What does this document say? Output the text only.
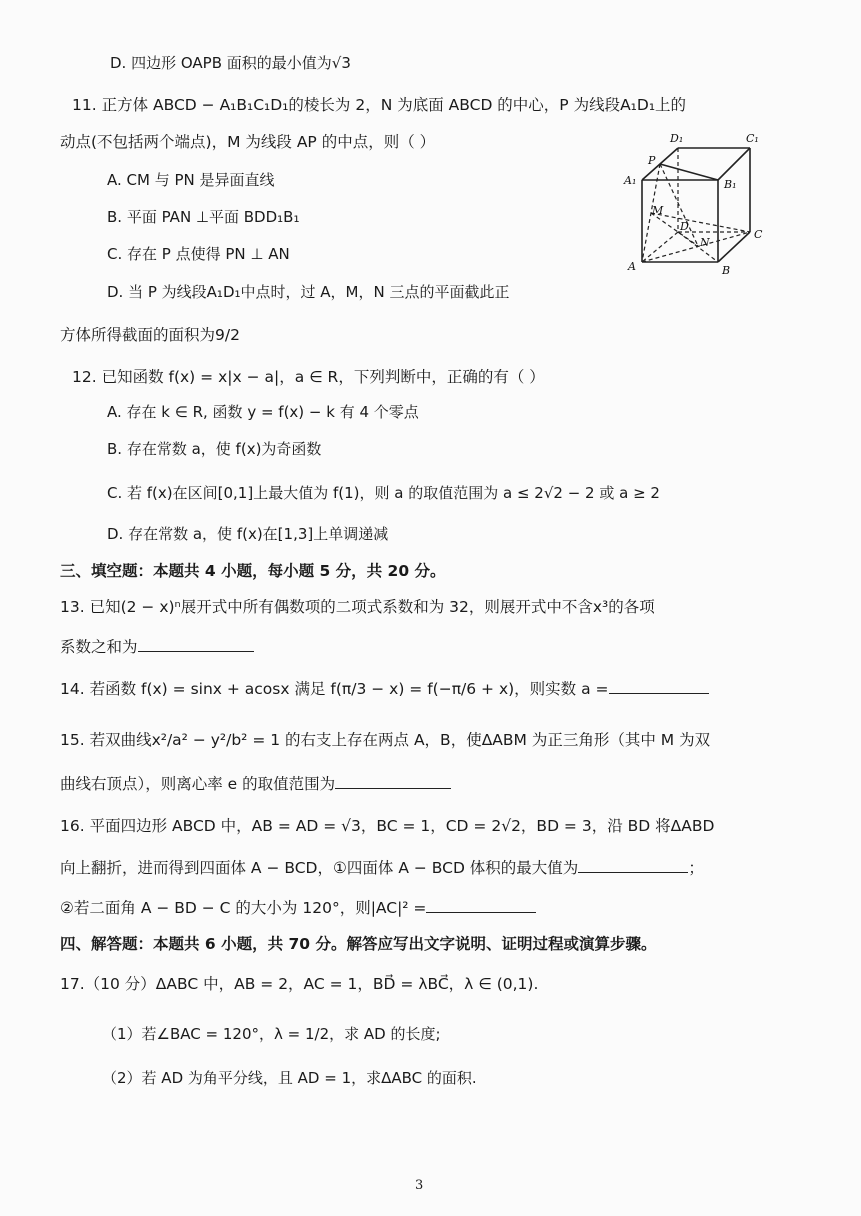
D. 四边形 OAPB 面积的最小值为√3
11. 正方体 ABCD − A₁B₁C₁D₁的棱长为 2，N 为底面 ABCD 的中心，P 为线段A₁D₁上的
动点(不包括两个端点)，M 为线段 AP 的中点，则（ ）
A. CM 与 PN 是异面直线
B. 平面 PAN ⊥平面 BDD₁B₁
C. 存在 P 点使得 PN ⊥ AN
D. 当 P 为线段A₁D₁中点时，过 A，M，N 三点的平面截此正
方体所得截面的面积为9/2
12. 已知函数 f(x) = x|x − a|，a ∈ R，下列判断中，正确的有（ ）
A. 存在 k ∈ R, 函数 y = f(x) − k 有 4 个零点
B. 存在常数 a，使 f(x)为奇函数
C. 若 f(x)在区间[0,1]上最大值为 f(1)，则 a 的取值范围为 a ≤ 2√2 − 2 或 a ≥ 2
D. 存在常数 a，使 f(x)在[1,3]上单调递减
三、填空题：本题共 4 小题，每小题 5 分，共 20 分。
13. 已知(2 − x)ⁿ展开式中所有偶数项的二项式系数和为 32，则展开式中不含x³的各项
系数之和为
14. 若函数 f(x) = sinx + acosx 满足 f(π/3 − x) = f(−π/6 + x)，则实数 a =
15. 若双曲线x²/a² − y²/b² = 1 的右支上存在两点 A，B，使ΔABM 为正三角形（其中 M 为双
曲线右顶点），则离心率 e 的取值范围为
16. 平面四边形 ABCD 中，AB = AD = √3，BC = 1，CD = 2√2，BD = 3，沿 BD 将ΔABD
向上翻折，进而得到四面体 A − BCD，①四面体 A − BCD 体积的最大值为	；
②若二面角 A − BD − C 的大小为 120°，则|AC|² =
四、解答题：本题共 6 小题，共 70 分。解答应写出文字说明、证明过程或演算步骤。
17.（10 分）ΔABC 中，AB = 2，AC = 1，BD⃗ = λBC⃗，λ ∈ (0,1).
（1）若∠BAC = 120°，λ = 1/2，求 AD 的长度;
（2）若 AD 为角平分线，且 AD = 1，求ΔABC 的面积.
D₁	C₁
P
A₁	B₁
M
D
N
C
A	B
3
